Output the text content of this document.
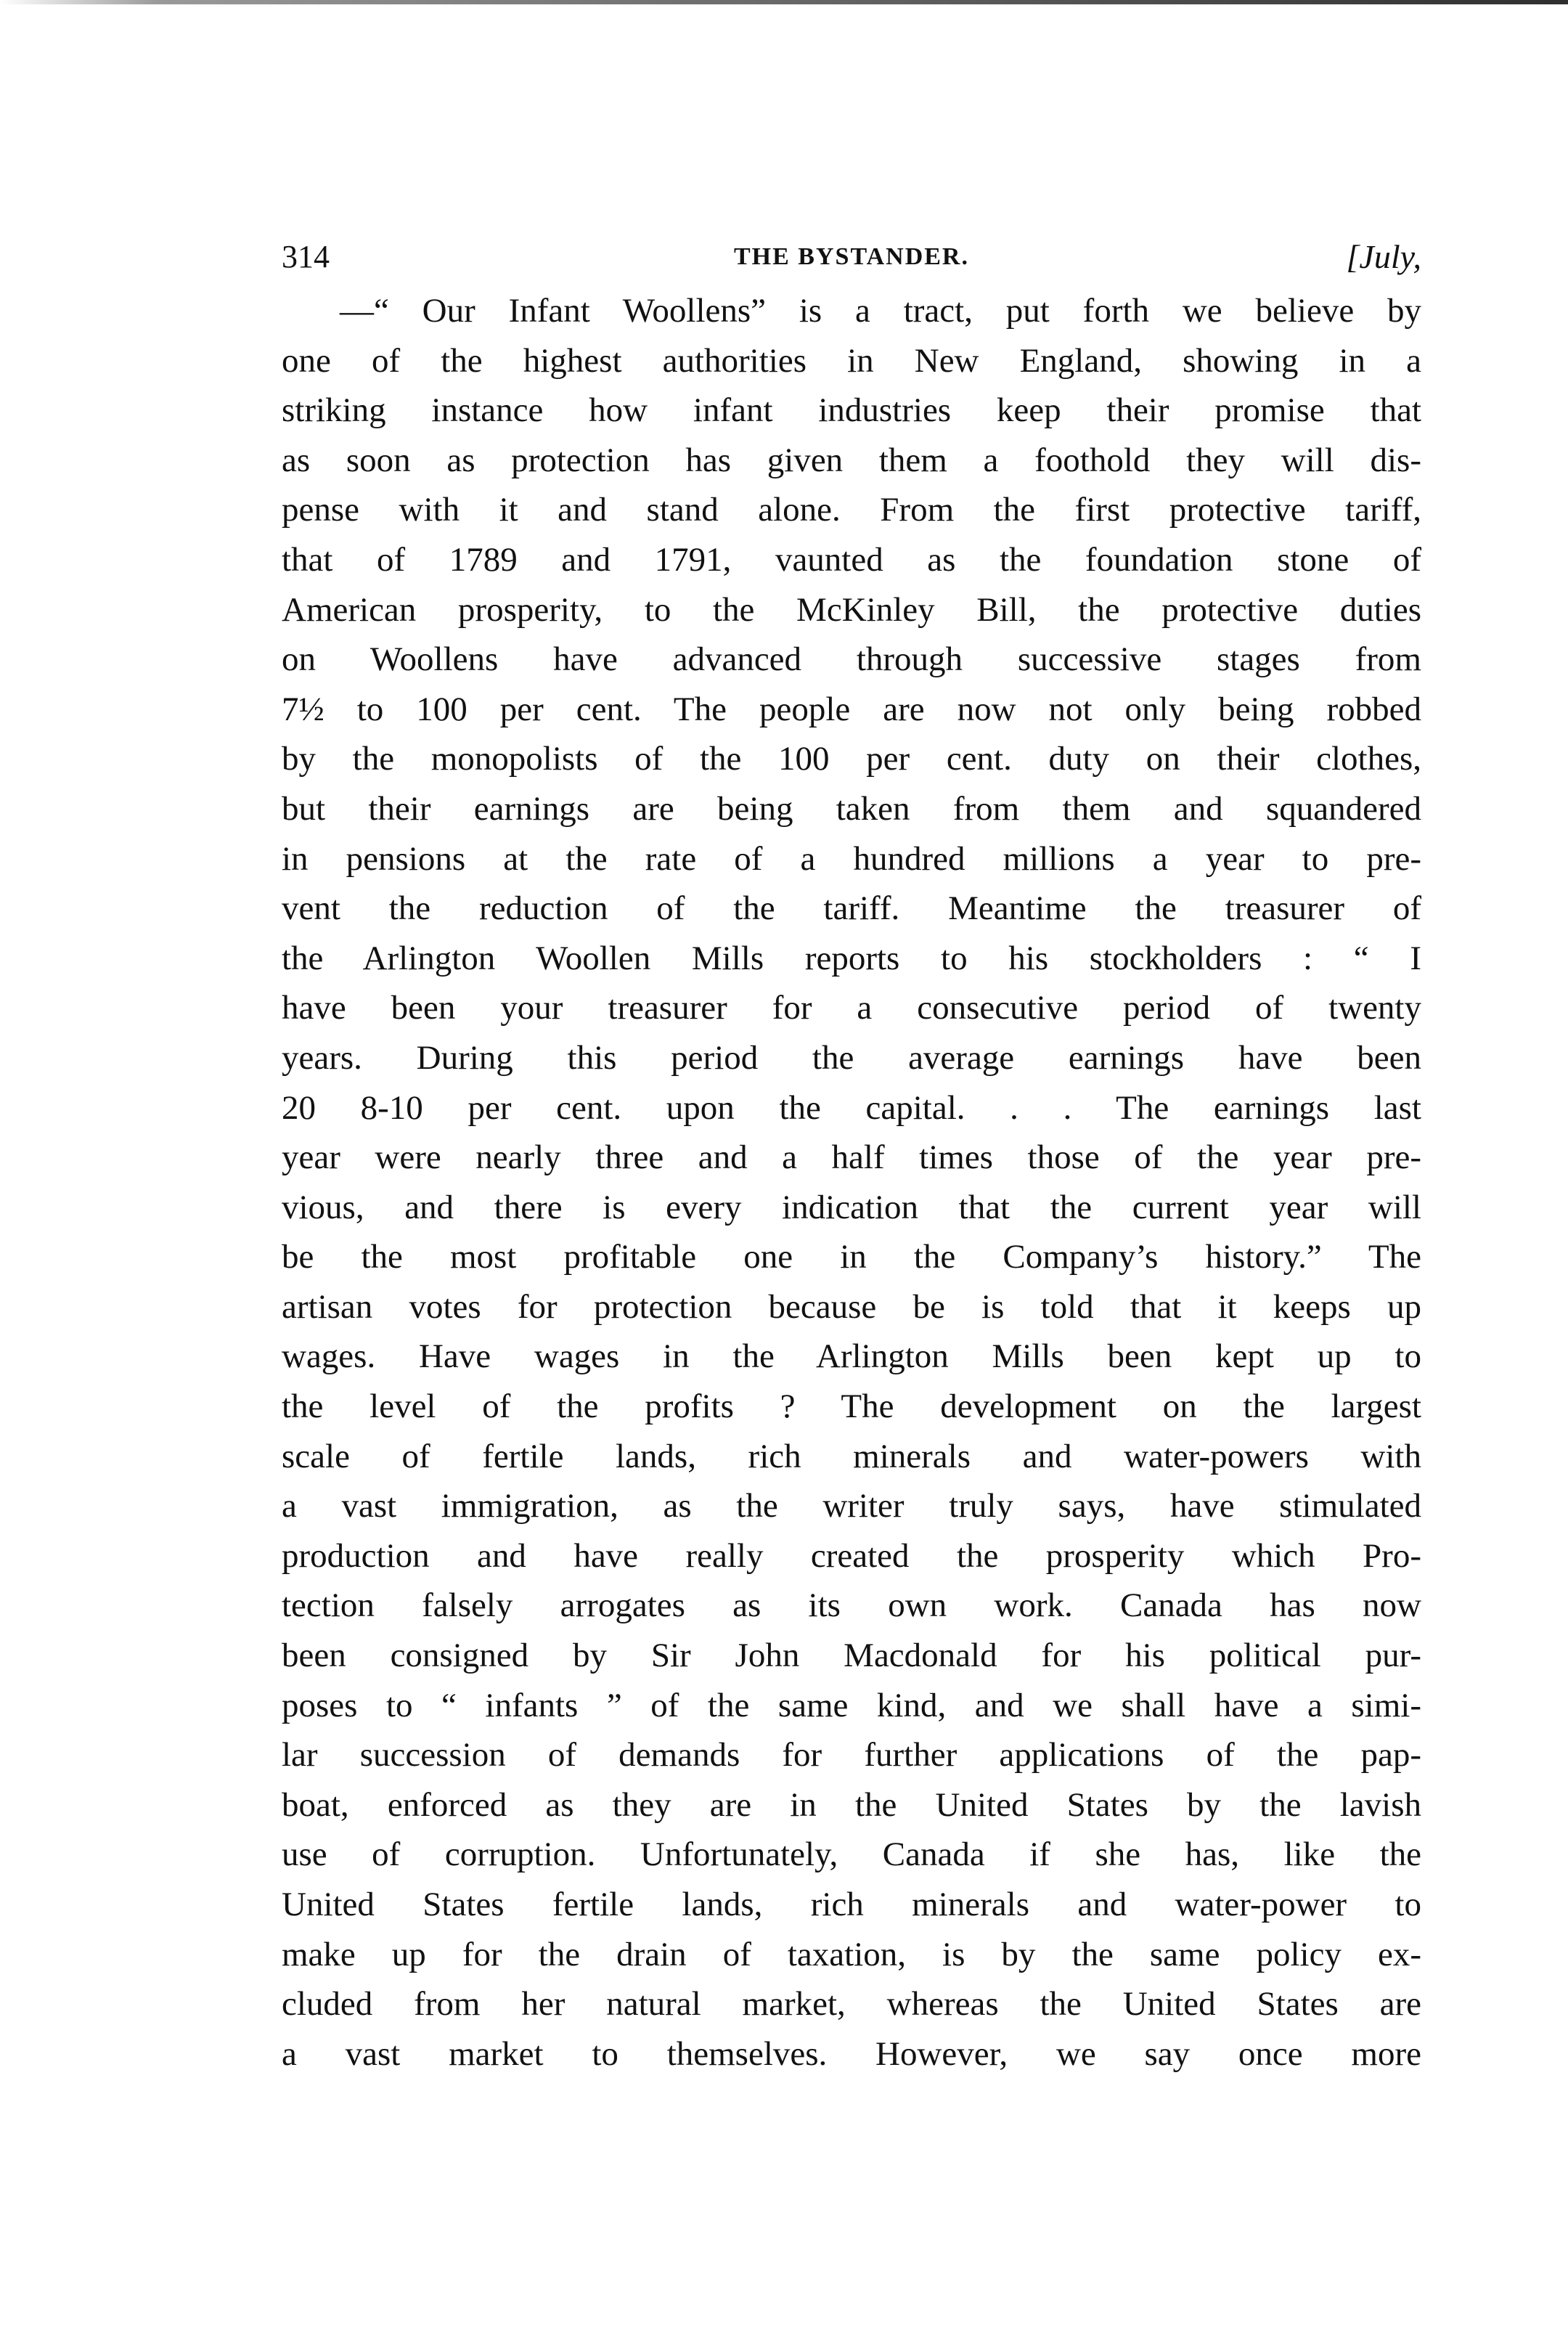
314	THE BYSTANDER.	[July,
—“ Our Infant Woollens” is a tract, put forth we believe by
one of the highest authorities in New England, showing in a
striking instance how infant industries keep their promise that
as soon as protection has given them a foothold they will dis-
pense with it and stand alone. From the first protective tariff,
that of 1789 and 1791, vaunted as the foundation stone of
American prosperity, to the McKinley Bill, the protective duties
on Woollens have advanced through successive stages from
7½ to 100 per cent. The people are now not only being robbed
by the monopolists of the 100 per cent. duty on their clothes,
but their earnings are being taken from them and squandered
in pensions at the rate of a hundred millions a year to pre-
vent the reduction of the tariff. Meantime the treasurer of
the Arlington Woollen Mills reports to his stockholders : “ I
have been your treasurer for a consecutive period of twenty
years. During this period the average earnings have been
20 8-10 per cent. upon the capital. . . The earnings last
year were nearly three and a half times those of the year pre-
vious, and there is every indication that the current year will
be the most profitable one in the Company’s history.” The
artisan votes for protection because be is told that it keeps up
wages. Have wages in the Arlington Mills been kept up to
the level of the profits ? The development on the largest
scale of fertile lands, rich minerals and water-powers with
a vast immigration, as the writer truly says, have stimulated
production and have really created the prosperity which Pro-
tection falsely arrogates as its own work. Canada has now
been consigned by Sir John Macdonald for his political pur-
poses to “ infants ” of the same kind, and we shall have a simi-
lar succession of demands for further applications of the pap-
boat, enforced as they are in the United States by the lavish
use of corruption. Unfortunately, Canada if she has, like the
United States fertile lands, rich minerals and water-power to
make up for the drain of taxation, is by the same policy ex-
cluded from her natural market, whereas the United States are
a vast market to themselves. However, we say once more
